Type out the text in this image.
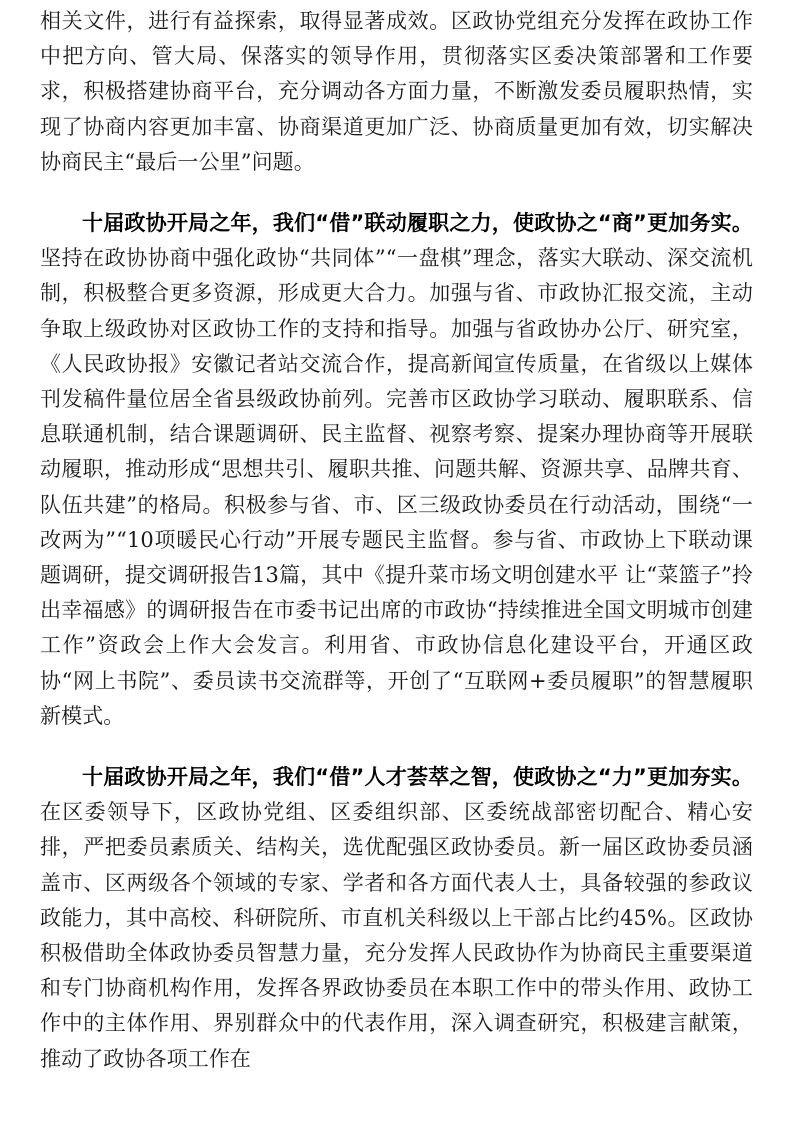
相关文件，进行有益探索，取得显著成效。区政协党组充分发挥在政协工作中把方向、管大局、保落实的领导作用，贯彻落实区委决策部署和工作要求，积极搭建协商平台，充分调动各方面力量，不断激发委员履职热情，实现了协商内容更加丰富、协商渠道更加广泛、协商质量更加有效，切实解决协商民主“最后一公里”问题。

十届政协开局之年，我们“借”联动履职之力，使政协之“商”更加务实。坚持在政协协商中强化政协“共同体”“一盘棋”理念，落实大联动、深交流机制，积极整合更多资源，形成更大合力。加强与省、市政协汇报交流，主动争取上级政协对区政协工作的支持和指导。加强与省政协办公厅、研究室，《人民政协报》安徽记者站交流合作，提高新闻宣传质量，在省级以上媒体刊发稿件量位居全省县级政协前列。完善市区政协学习联动、履职联系、信息联通机制，结合课题调研、民主监督、视察考察、提案办理协商等开展联动履职，推动形成“思想共引、履职共推、问题共解、资源共享、品牌共育、队伍共建”的格局。积极参与省、市、区三级政协委员在行动活动，围绕“一改两为”“10项暖民心行动”开展专题民主监督。参与省、市政协上下联动课题调研，提交调研报告13篇，其中《提升菜市场文明创建水平 让“菜篮子”拎出幸福感》的调研报告在市委书记出席的市政协“持续推进全国文明城市创建工作”资政会上作大会发言。利用省、市政协信息化建设平台，开通区政协“网上书院”、委员读书交流群等，开创了“互联网+委员履职”的智慧履职新模式。

十届政协开局之年，我们“借”人才荟萃之智，使政协之“力”更加夯实。在区委领导下，区政协党组、区委组织部、区委统战部密切配合、精心安排，严把委员素质关、结构关，选优配强区政协委员。新一届区政协委员涵盖市、区两级各个领域的专家、学者和各方面代表人士，具备较强的参政议政能力，其中高校、科研院所、市直机关科级以上干部占比约45%。区政协积极借助全体政协委员智慧力量，充分发挥人民政协作为协商民主重要渠道和专门协商机构作用，发挥各界政协委员在本职工作中的带头作用、政协工作中的主体作用、界别群众中的代表作用，深入调查研究，积极建言献策，推动了政协各项工作在
